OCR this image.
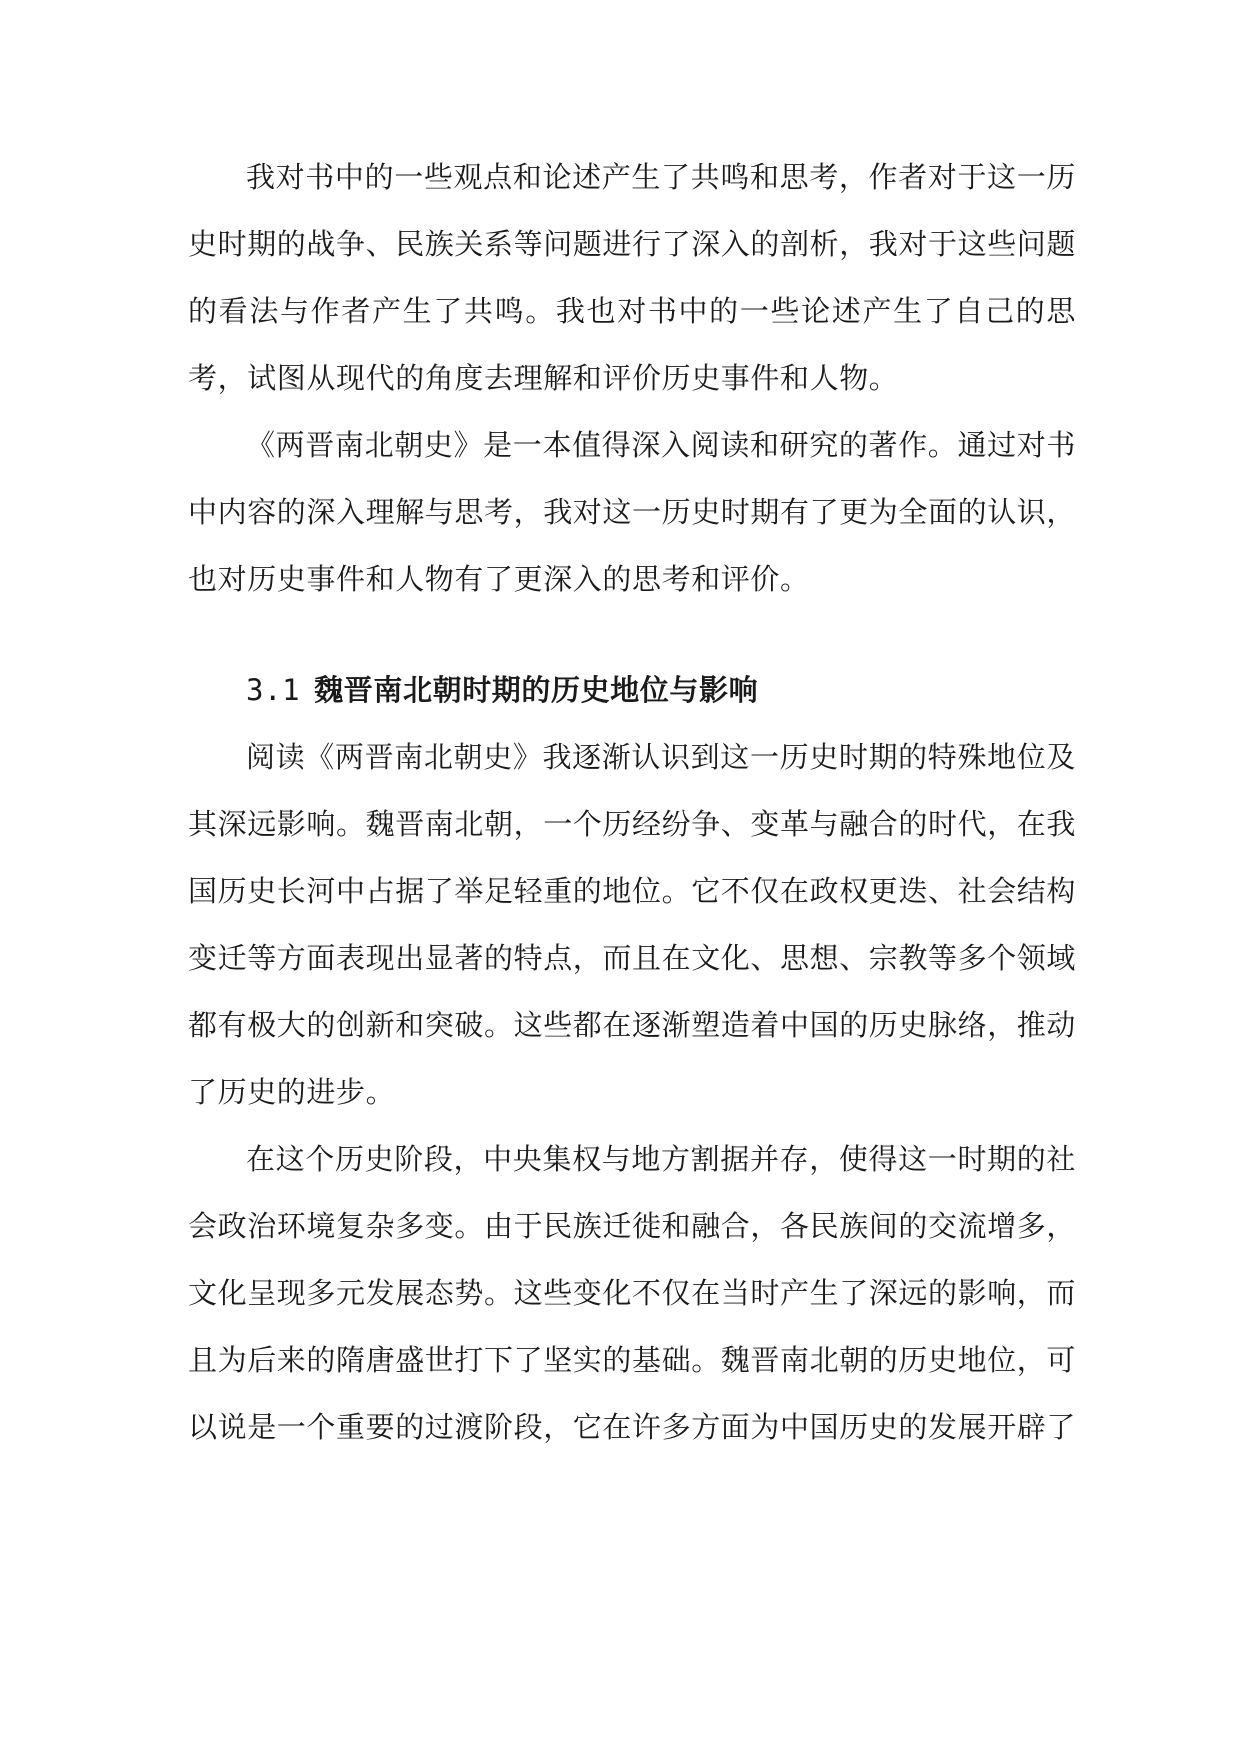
我对书中的一些观点和论述产生了共鸣和思考，作者对于这一历史时期的战争、民族关系等问题进行了深入的剖析，我对于这些问题的看法与作者产生了共鸣。我也对书中的一些论述产生了自己的思考，试图从现代的角度去理解和评价历史事件和人物。

《两晋南北朝史》是一本值得深入阅读和研究的著作。通过对书中内容的深入理解与思考，我对这一历史时期有了更为全面的认识，也对历史事件和人物有了更深入的思考和评价。

3.1 魏晋南北朝时期的历史地位与影响

阅读《两晋南北朝史》我逐渐认识到这一历史时期的特殊地位及其深远影响。魏晋南北朝，一个历经纷争、变革与融合的时代，在我国历史长河中占据了举足轻重的地位。它不仅在政权更迭、社会结构变迁等方面表现出显著的特点，而且在文化、思想、宗教等多个领域都有极大的创新和突破。这些都在逐渐塑造着中国的历史脉络，推动了历史的进步。

在这个历史阶段，中央集权与地方割据并存，使得这一时期的社会政治环境复杂多变。由于民族迁徙和融合，各民族间的交流增多，文化呈现多元发展态势。这些变化不仅在当时产生了深远的影响，而且为后来的隋唐盛世打下了坚实的基础。魏晋南北朝的历史地位，可以说是一个重要的过渡阶段，它在许多方面为中国历史的发展开辟了
